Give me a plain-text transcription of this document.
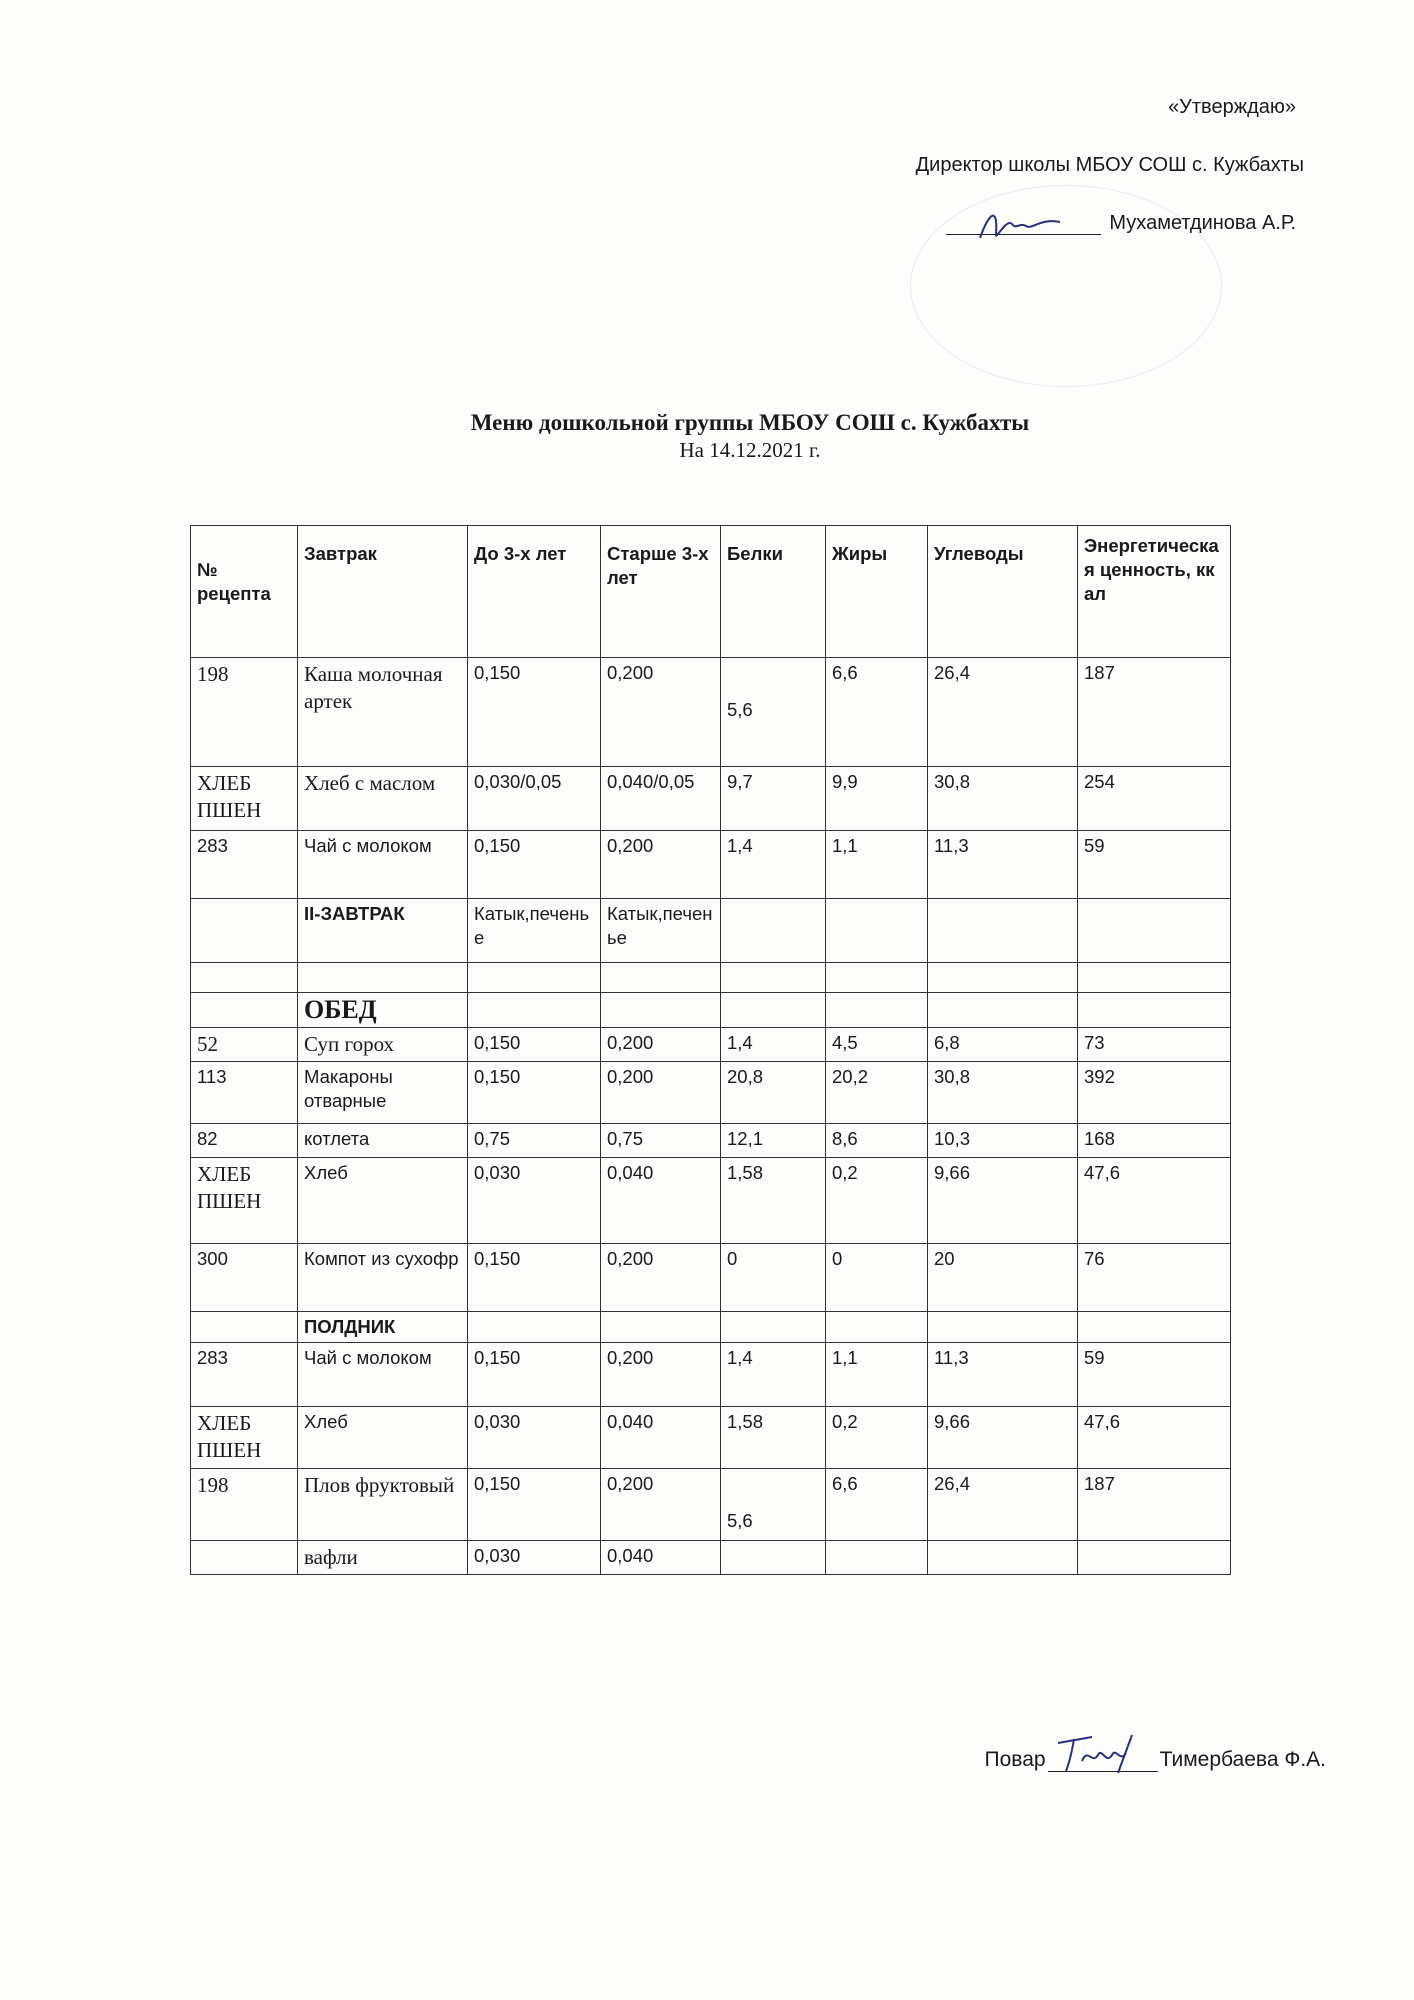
«Утверждаю»
Директор школы МБОУ СОШ с. Кужбахты
Мухаметдинова А.Р.
Меню дошкольной группы МБОУ СОШ с. Кужбахты
На 14.12.2021 г.
№ рецепта	Завтрак	До 3-х лет	Старше 3-х лет	Белки	Жиры	Углеводы	Энергетическая ценность, ккал
198	Каша молочная артек	0,150	0,200	5,6	6,6	26,4	187
ХЛЕБ ПШЕН	Хлеб с маслом	0,030/0,05	0,040/0,05	9,7	9,9	30,8	254
283	Чай с молоком	0,150	0,200	1,4	1,1	11,3	59
	II-ЗАВТРАК	Катык,печенье	Катык,печенье				

	ОБЕД						
52	Суп горох	0,150	0,200	1,4	4,5	6,8	73
113	Макароны отварные	0,150	0,200	20,8	20,2	30,8	392
82	котлета	0,75	0,75	12,1	8,6	10,3	168
ХЛЕБ ПШЕН	Хлеб	0,030	0,040	1,58	0,2	9,66	47,6
300	Компот из сухофр	0,150	0,200	0	0	20	76
	ПОЛДНИК						
283	Чай с молоком	0,150	0,200	1,4	1,1	11,3	59
ХЛЕБ ПШЕН	Хлеб	0,030	0,040	1,58	0,2	9,66	47,6
198	Плов фруктовый	0,150	0,200	5,6	6,6	26,4	187
	вафли	0,030	0,040				
Повар	Тимербаева Ф.А.
